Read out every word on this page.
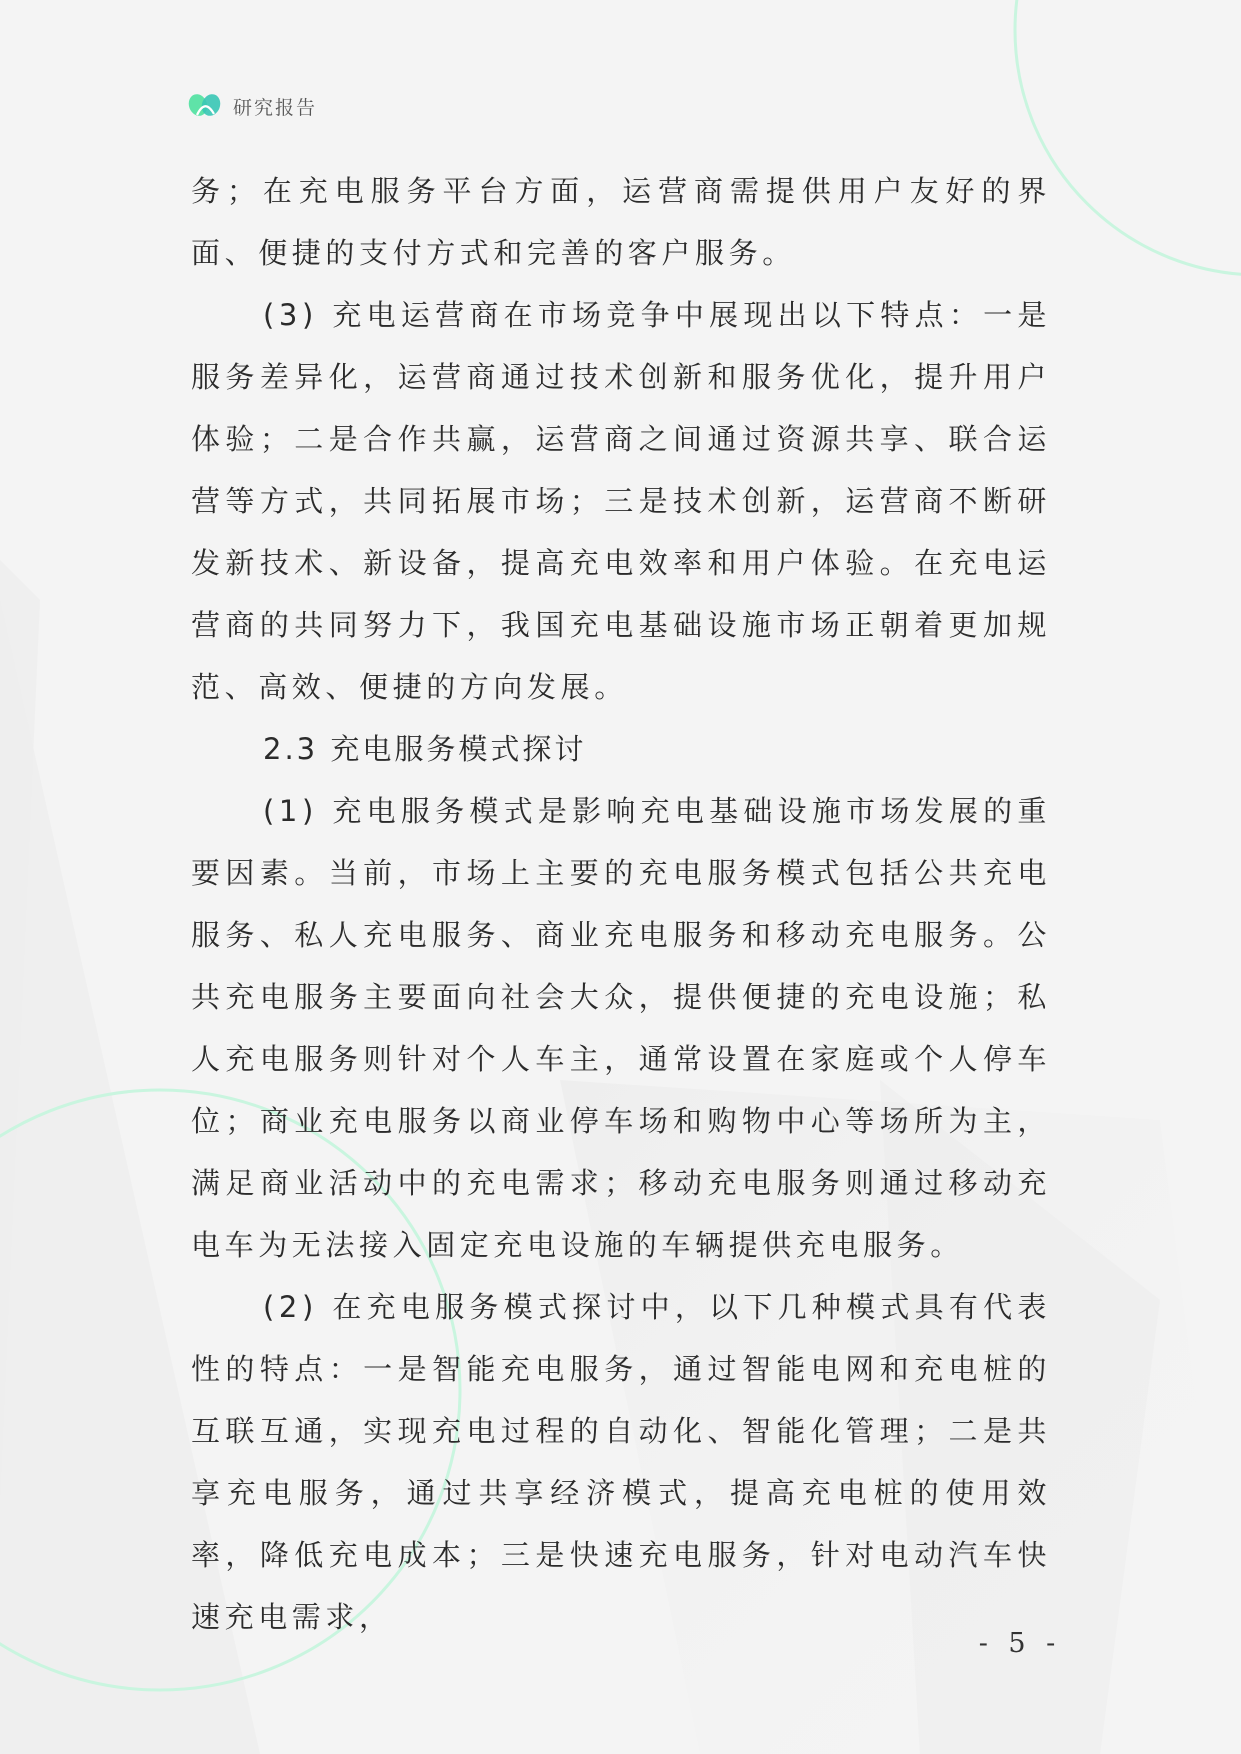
研究报告

务；在充电服务平台方面，运营商需提供用户友好的界面、便捷的支付方式和完善的客户服务。

(3) 充电运营商在市场竞争中展现出以下特点：一是服务差异化，运营商通过技术创新和服务优化，提升用户体验；二是合作共赢，运营商之间通过资源共享、联合运营等方式，共同拓展市场；三是技术创新，运营商不断研发新技术、新设备，提高充电效率和用户体验。在充电运营商的共同努力下，我国充电基础设施市场正朝着更加规范、高效、便捷的方向发展。

2.3 充电服务模式探讨

(1) 充电服务模式是影响充电基础设施市场发展的重要因素。当前，市场上主要的充电服务模式包括公共充电服务、私人充电服务、商业充电服务和移动充电服务。公共充电服务主要面向社会大众，提供便捷的充电设施；私人充电服务则针对个人车主，通常设置在家庭或个人停车位；商业充电服务以商业停车场和购物中心等场所为主，满足商业活动中的充电需求；移动充电服务则通过移动充电车为无法接入固定充电设施的车辆提供充电服务。

(2) 在充电服务模式探讨中，以下几种模式具有代表性的特点：一是智能充电服务，通过智能电网和充电桩的互联互通，实现充电过程的自动化、智能化管理；二是共享充电服务，通过共享经济模式，提高充电桩的使用效率，降低充电成本；三是快速充电服务，针对电动汽车快速充电需求，

- 5 -
